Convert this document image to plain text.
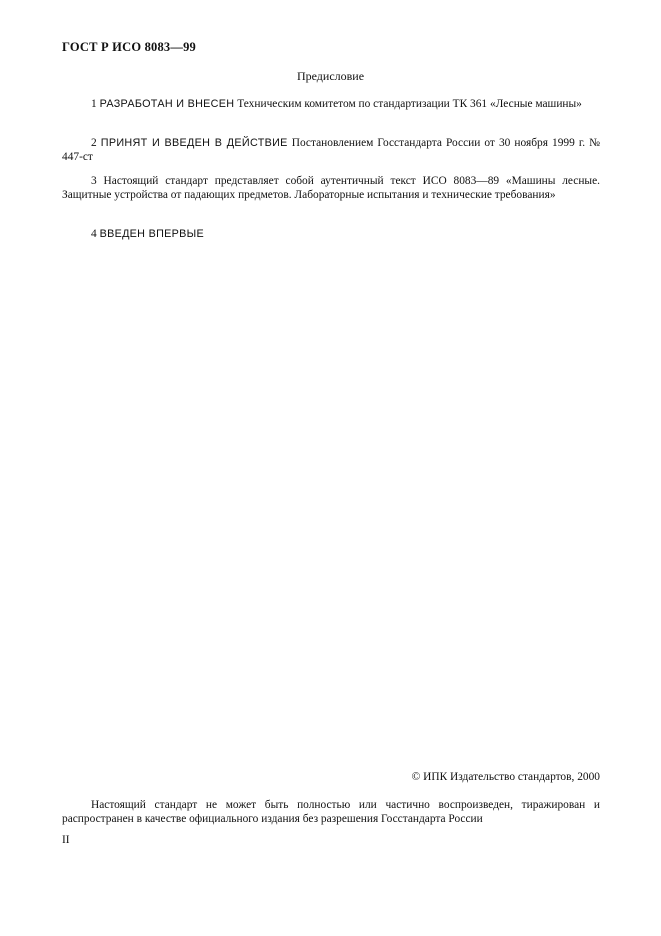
ГОСТ Р ИСО 8083—99
Предисловие
1 РАЗРАБОТАН И ВНЕСЕН Техническим комитетом по стандартизации ТК 361 «Лесные машины»
2 ПРИНЯТ И ВВЕДЕН В ДЕЙСТВИЕ Постановлением Госстандарта России от 30 ноября 1999 г. № 447-ст
3 Настоящий стандарт представляет собой аутентичный текст ИСО 8083—89 «Машины лесные. Защитные устройства от падающих предметов. Лабораторные испытания и технические требования»
4 ВВЕДЕН ВПЕРВЫЕ
© ИПК Издательство стандартов, 2000
Настоящий стандарт не может быть полностью или частично воспроизведен, тиражирован и распространен в качестве официального издания без разрешения Госстандарта России
II
